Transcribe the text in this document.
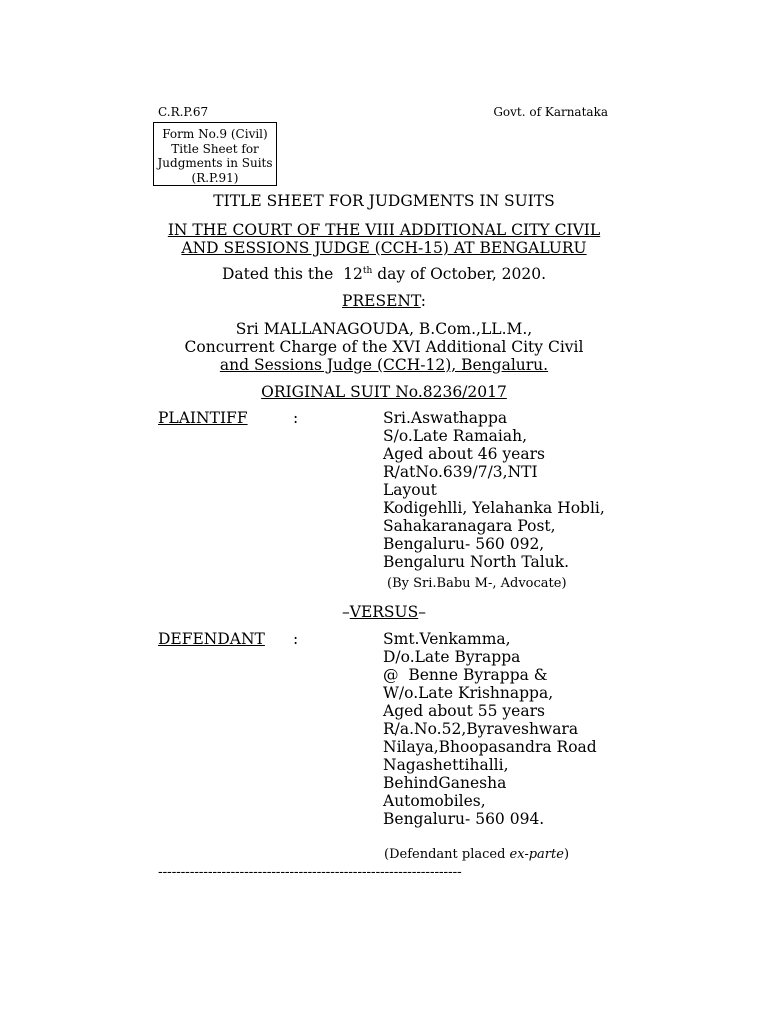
C.R.P.67	Govt. of Karnataka
Form No.9 (Civil)
Title Sheet for
Judgments in Suits
(R.P.91)
TITLE SHEET FOR JUDGMENTS IN SUITS
IN THE COURT OF THE VIII ADDITIONAL CITY CIVIL
AND SESSIONS JUDGE (CCH-15) AT BENGALURU
Dated this the  12th day of October, 2020.
PRESENT:
Sri MALLANAGOUDA, B.Com.,LL.M.,
Concurrent Charge of the XVI Additional City Civil
and Sessions Judge (CCH-12), Bengaluru.
ORIGINAL SUIT No.8236/2017
PLAINTIFF	:	Sri.Aswathappa
S/o.Late Ramaiah,
Aged about 46 years
R/atNo.639/7/3,NTI
Layout
Kodigehlli, Yelahanka Hobli,
Sahakaranagara Post,
Bengaluru- 560 092,
Bengaluru North Taluk.
(By Sri.Babu M-, Advocate)
–VERSUS–
DEFENDANT :	Smt.Venkamma,
D/o.Late Byrappa
@  Benne Byrappa &
W/o.Late Krishnappa,
Aged about 55 years
R/a.No.52,Byraveshwara
Nilaya,Bhoopasandra Road
Nagashettihalli,
BehindGanesha
Automobiles,
Bengaluru- 560 094.
(Defendant placed ex-parte)
-------------------------------------------------------------------
